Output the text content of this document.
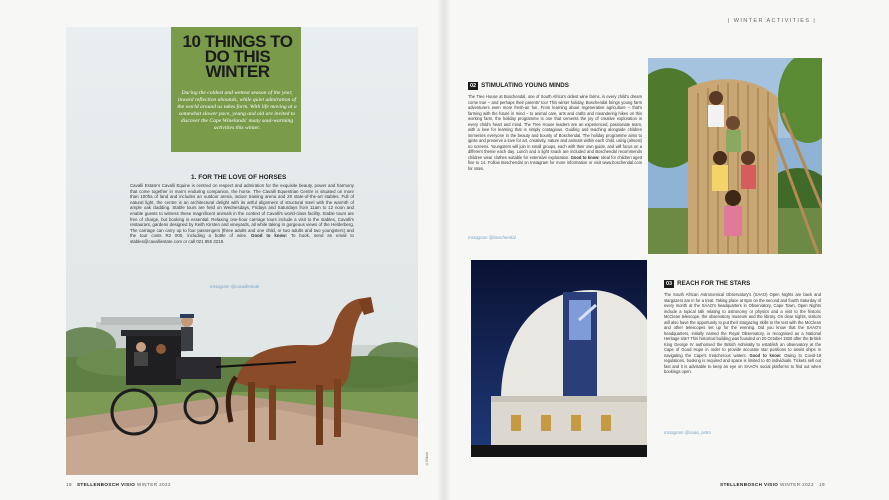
10 THINGS TO DO THIS WINTER
During the coldest and wettest season of the year, inward reflection abounds, while quiet admiration of the world around us takes form. With life moving at a somewhat slower pace, young and old are invited to discover the Cape Winelands' many soul-warming activities this winter.
1. FOR THE LOVE OF HORSES
Cavalli Estate's Cavalli Equine is centred on respect and admiration for the exquisite beauty, power and harmony that come together in man's enduring companion, the horse. The Cavalli Equestrian Centre is situated on more than 100ha of land and includes an outdoor arena, indoor training arena and 20 state-of-the-art stables. Full of natural light, the centre is an architectural delight with its artful alignment of structural steel with the warmth of ample oak cladding. Stable tours are held on Wednesdays, Fridays and Saturdays from 11am to 12 noon and enable guests to witness these magnificent animals in the context of Cavalli's world-class facility. Stable tours are free of charge, but booking is essential. Relaxing one-hour carriage tours include a visit to the stables, Cavalli's restaurant, gardens designed by Keith Kirsten and vineyards, all while taking in gorgeous views of the Helderberg. The carriage can carry up to four passengers (three adults and one child, or two adults and two youngsters) and the tour costs R2 000, including a bottle of wine. Good to know: To book, send an email to stables@cavalliestate.com or call 021 855 3218.
Instagram @cavalliestate
©IStock
18 STELLENBOSCH VISIO WINTER 2022
| WINTER ACTIVITIES |
02 STIMULATING YOUNG MINDS
The Tree House at Boschendal, one of South Africa's oldest wine farms, is every child's dream come true – and perhaps their parents' too! This winter holiday, Boschendal brings young farm adventurers even more fresh-air fun. From learning about regenerative agriculture – that's farming with the future in mind – to animal care, arts and crafts and meandering hikes on this working farm, the holiday programme is one that cements the joy of creative exploration in every child's heart and mind. The Tree House leaders are an experienced, passionate team, with a love for learning that is simply contagious. Guiding and teaching alongside children immerses everyone in the beauty and bounty of Boschendal. The holiday programme aims to ignite and preserve a love for art, creativity, nature and animals within each child, using (almost) no screens. Youngsters will join in small groups, each with their own guide, and will focus on a different theme each day. Lunch and a light snack are included and Boschendal recommends children wear clothes suitable for extensive exploration. Good to know: Ideal for children aged five to 14. Follow Boschendal on Instagram for more information or visit www.boschendal.com for rates.
Instagram @boschendal
03 REACH FOR THE STARS
The South African Astronomical Observatory's (SAAO) Open Nights are back and stargazers are in for a treat. Taking place at 8pm on the second and fourth Saturday of every month at the SAAO's headquarters in Observatory, Cape Town, Open Nights include a topical talk relating to astronomy or physics and a visit to the historic McClean telescope, the observatory museum and the library. On clear nights, visitors will also have the opportunity to put their stargazing skills to the test with the McClean and other telescopes set up for the evening. Did you know that the SAAO's headquarters, initially named the Royal Observatory, is recognised as a National Heritage site? This historical building was founded on 20 October 1820 after the British King George IV authorised the British Admiralty to establish an observatory at the Cape of Good Hope in order to provide accurate star positions to assist ships in navigating the Cape's treacherous waters. Good to know: Owing to Covid-19 regulations, booking is required and space is limited to 40 individuals. Tickets sell out fast and it is advisable to keep an eye on SAAO's social platforms to find out when bookings open.
Instagram @saao_astro
STELLENBOSCH VISIO WINTER 2022 19
